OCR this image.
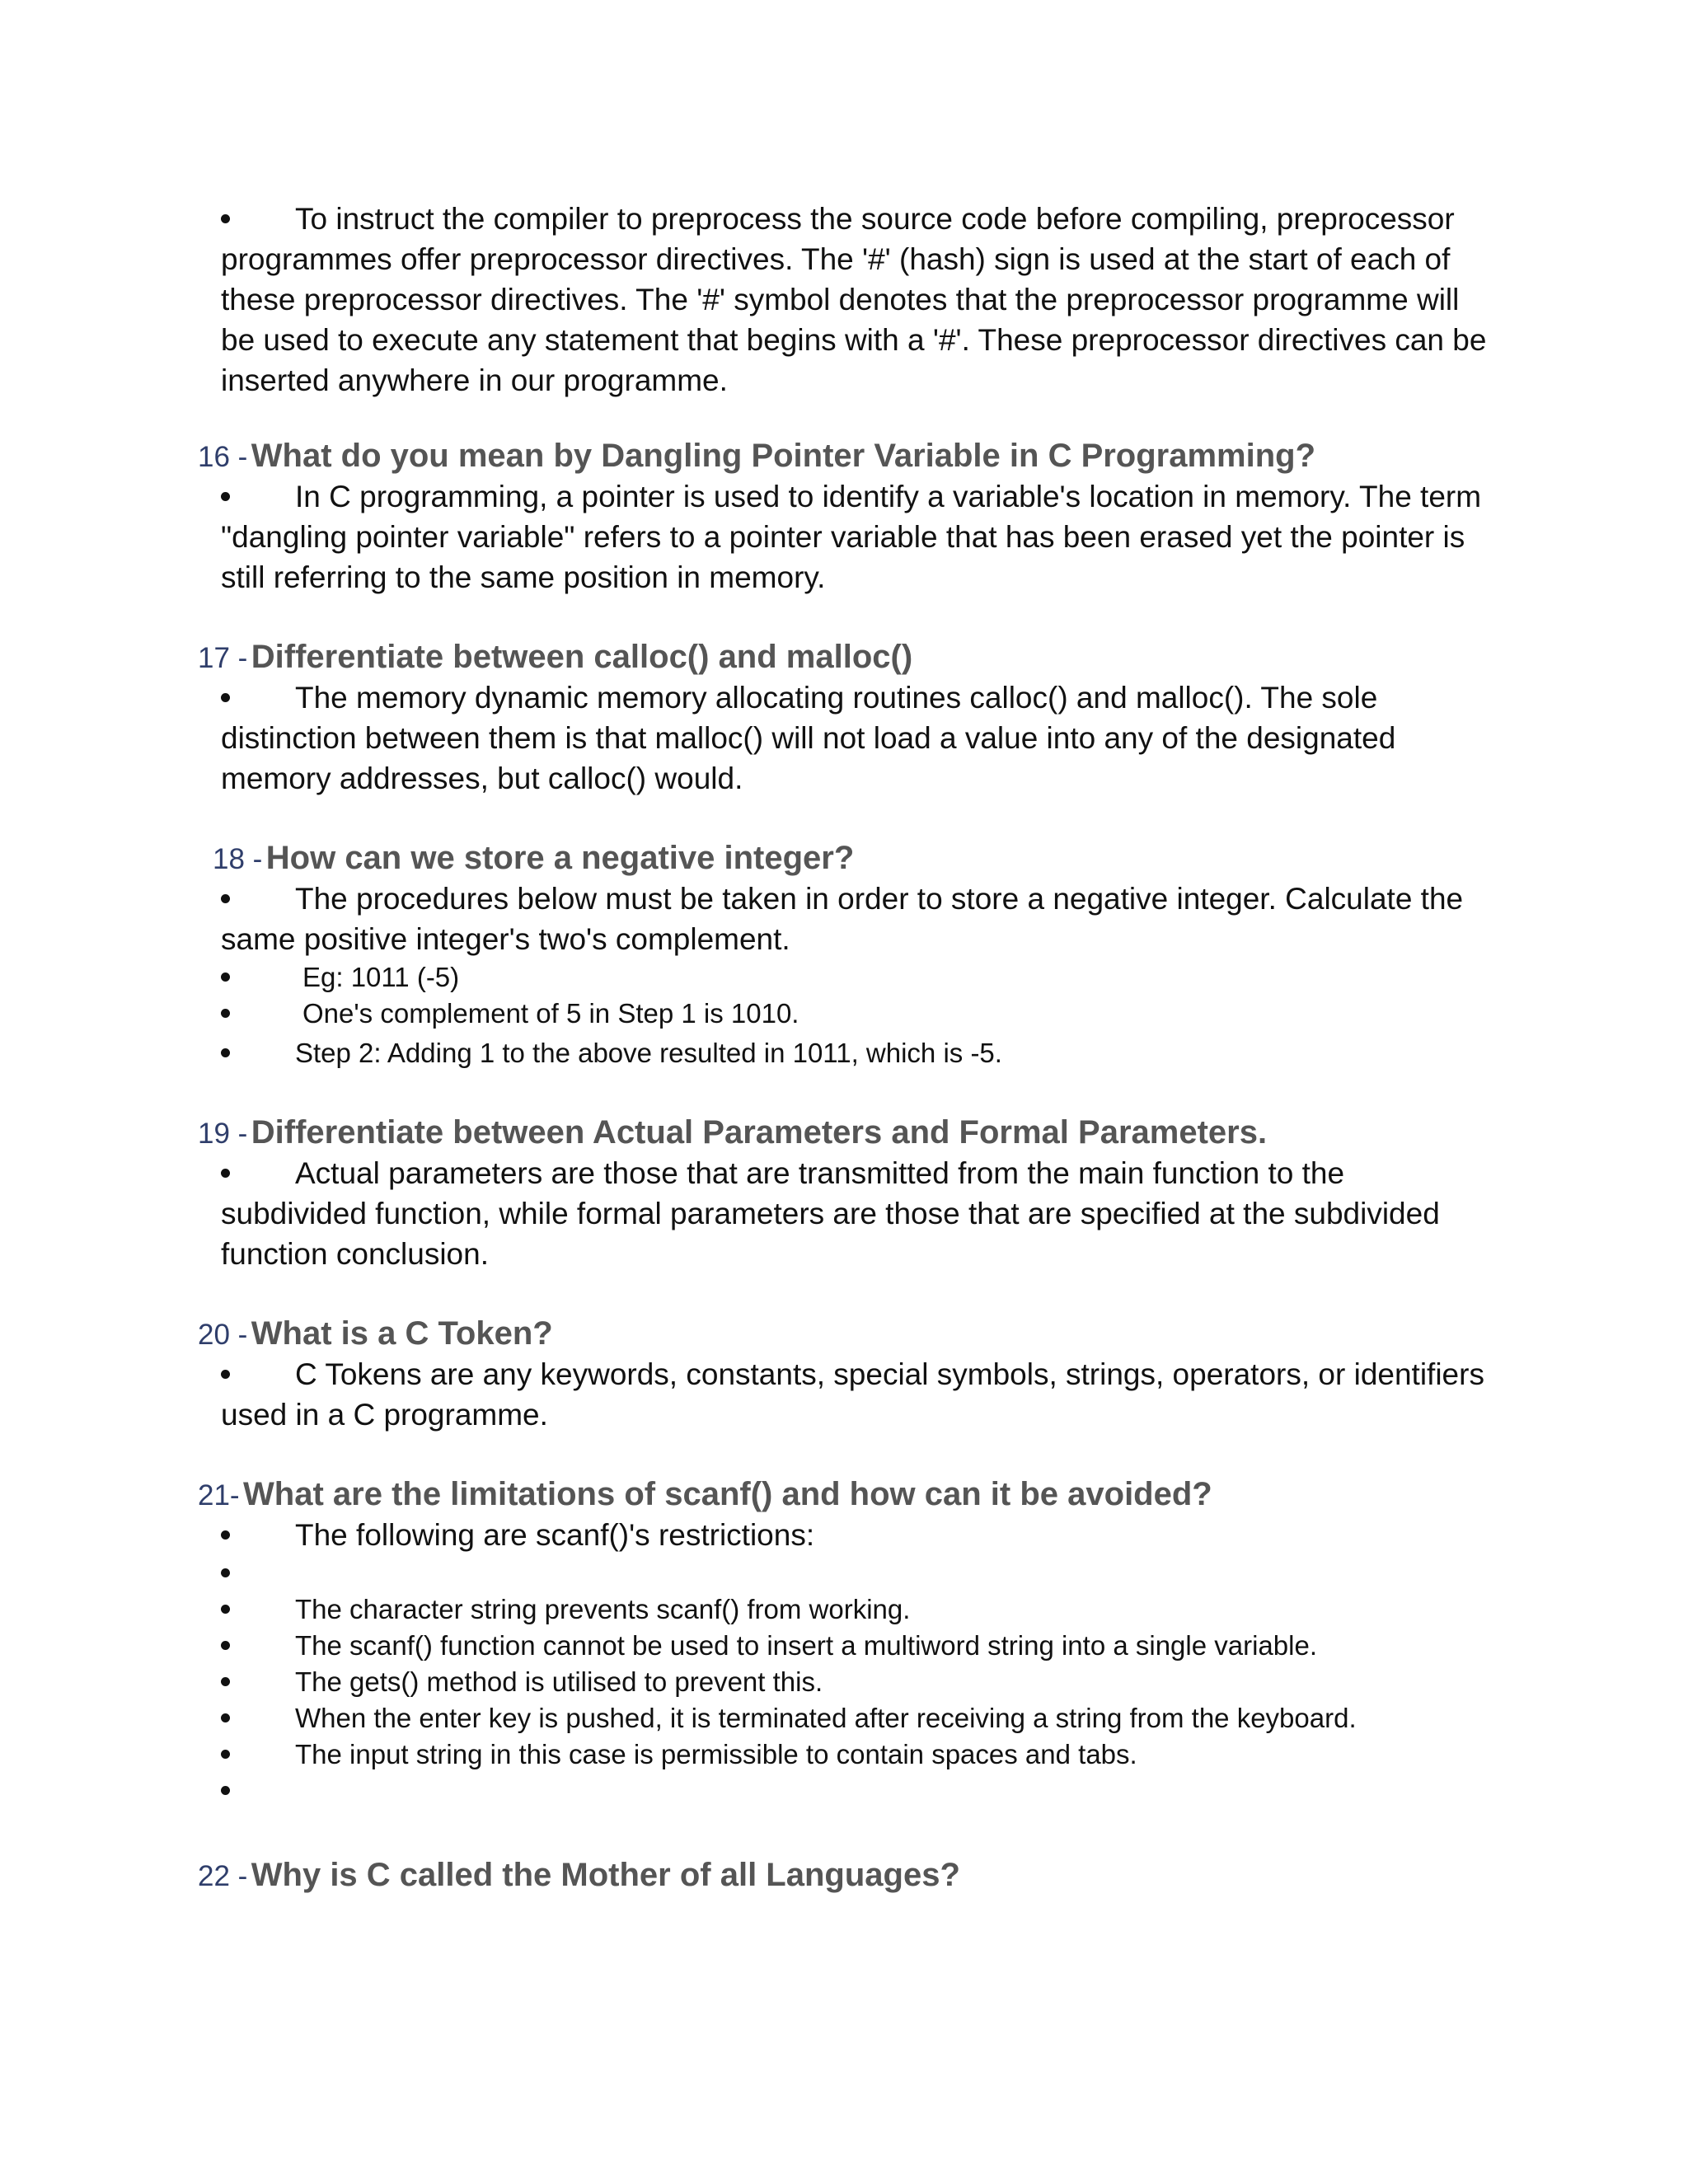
To instruct the compiler to preprocess the source code before compiling, preprocessor programmes offer preprocessor directives. The '#' (hash) sign is used at the start of each of these preprocessor directives. The '#' symbol denotes that the preprocessor programme will be used to execute any statement that begins with a '#'. These preprocessor directives can be inserted anywhere in our programme.
16 - What do you mean by Dangling Pointer Variable in C Programming?
In C programming, a pointer is used to identify a variable's location in memory. The term "dangling pointer variable" refers to a pointer variable that has been erased yet the pointer is still referring to the same position in memory.
17 - Differentiate between calloc() and malloc()
The memory dynamic memory allocating routines calloc() and malloc(). The sole distinction between them is that malloc() will not load a value into any of the designated memory addresses, but calloc() would.
18 - How can we store a negative integer?
The procedures below must be taken in order to store a negative integer. Calculate the same positive integer's two's complement.
Eg: 1011 (-5)
One's complement of 5 in Step 1 is 1010.
Step 2: Adding 1 to the above resulted in 1011, which is -5.
19 - Differentiate between Actual Parameters and Formal Parameters.
Actual parameters are those that are transmitted from the main function to the subdivided function, while formal parameters are those that are specified at the subdivided function conclusion.
20 - What is a C Token?
C Tokens are any keywords, constants, special symbols, strings, operators, or identifiers used in a C programme.
21- What are the limitations of scanf() and how can it be avoided?
The following are scanf()'s restrictions:
The character string prevents scanf() from working.
The scanf() function cannot be used to insert a multiword string into a single variable.
The gets() method is utilised to prevent this.
When the enter key is pushed, it is terminated after receiving a string from the keyboard.
The input string in this case is permissible to contain spaces and tabs.
22 - Why is C called the Mother of all Languages?
